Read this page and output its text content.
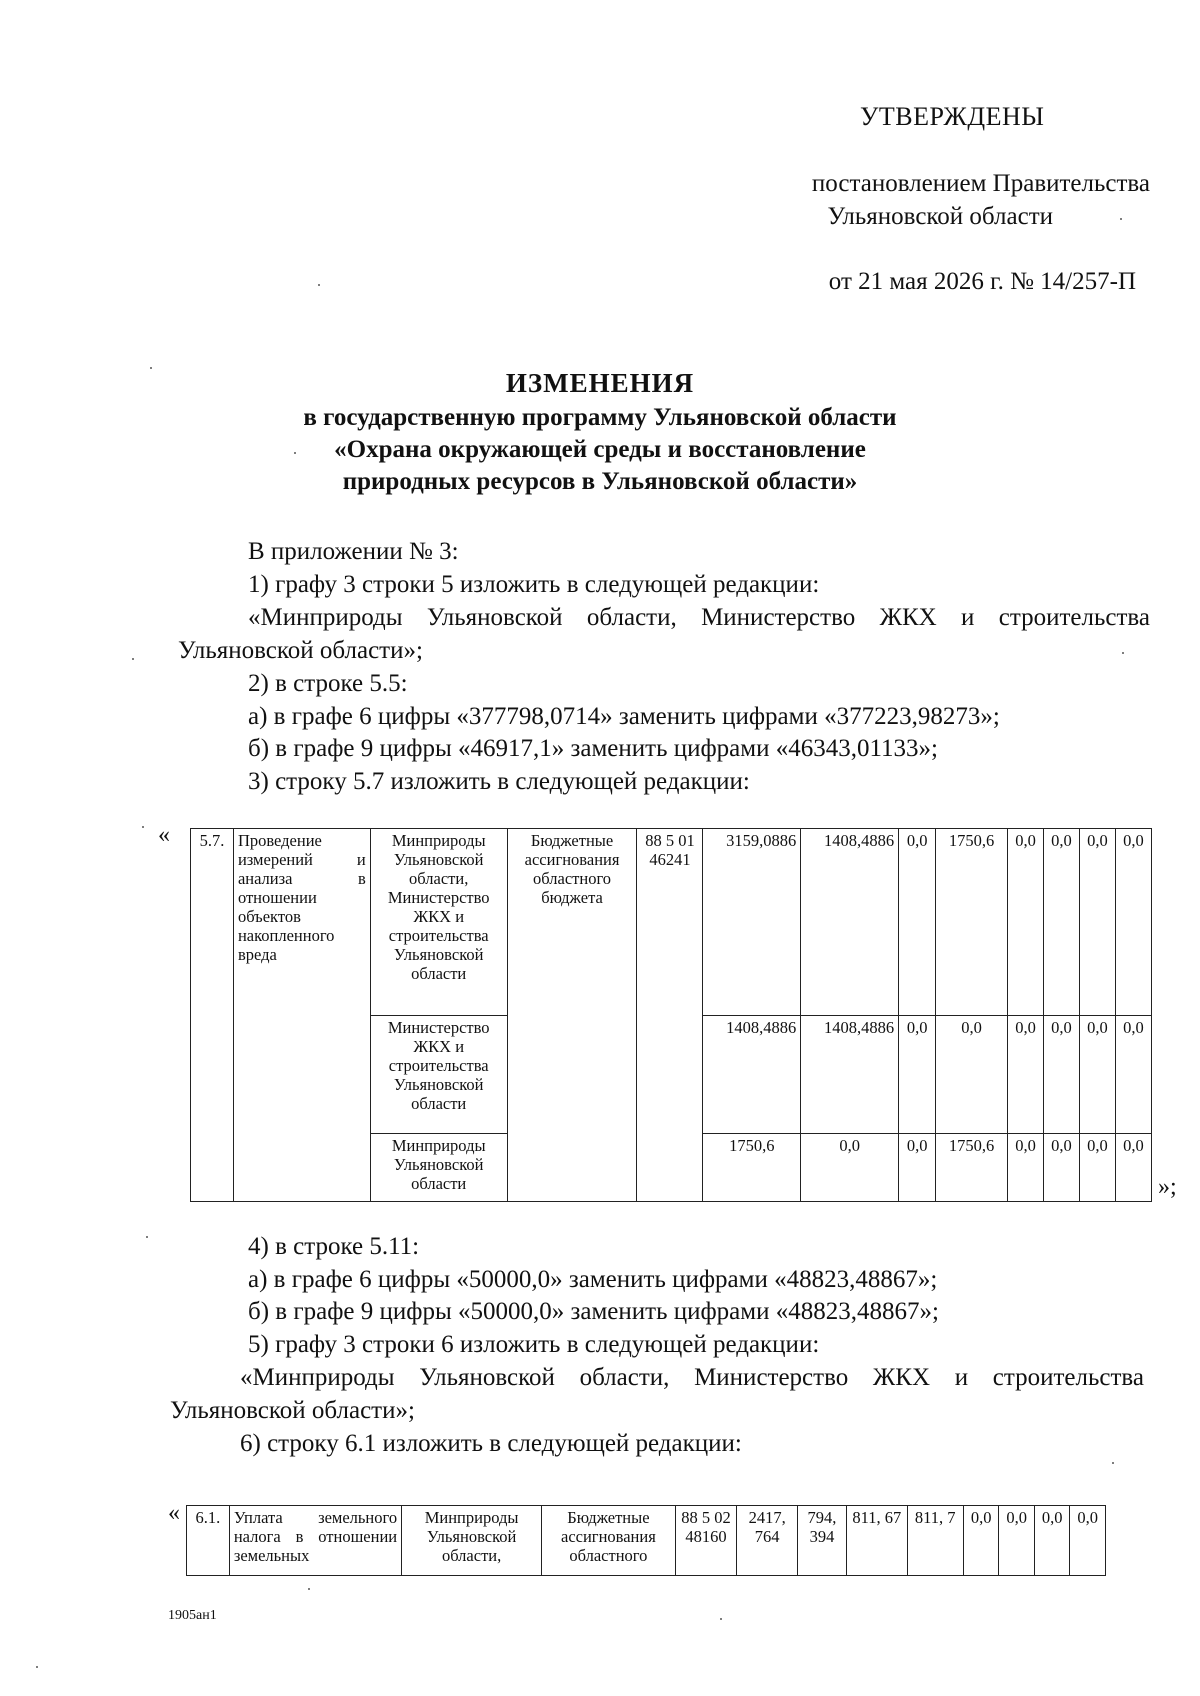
УТВЕРЖДЕНЫ

постановлением Правительства

Ульяновской области

от 21 мая 2026 г. № 14/257-П

ИЗМЕНЕНИЯ

в государственную программу Ульяновской области

«Охрана окружающей среды и восстановление

природных ресурсов в Ульяновской области»

В приложении № 3:

1) графу 3 строки 5 изложить в следующей редакции:

«Минприроды Ульяновской области, Министерство ЖКХ и строительства

Ульяновской области»;

2) в строке 5.5:

а) в графе 6 цифры «377798,0714» заменить цифрами «377223,98273»;

б) в графе 9 цифры «46917,1» заменить цифрами «46343,01133»;

3) строку 5.7 изложить в следующей редакции:

« 5.7.	Проведение измерений и анализа в отношении объектов накопленного вреда	Минприроды Ульяновской области, Министерство ЖКХ и строительства Ульяновской области	Бюджетные ассигнования областного бюджета	88 5 01 46241	3159,0886	1408,4886	0,0	1750,6	0,0	0,0	0,0	0,0
		Министерство ЖКХ и строительства Ульяновской области			1408,4886	1408,4886	0,0	0,0	0,0	0,0	0,0	0,0
		Минприроды Ульяновской области			1750,6	0,0	0,0	1750,6	0,0	0,0	0,0	0,0
»;

4) в строке 5.11:

а) в графе 6 цифры «50000,0» заменить цифрами «48823,48867»;

б) в графе 9 цифры «50000,0» заменить цифрами «48823,48867»;

5) графу 3 строки 6 изложить в следующей редакции:

«Минприроды Ульяновской области, Министерство ЖКХ и строительства

Ульяновской области»;

6) строку 6.1 изложить в следующей редакции:

« 6.1.	Уплата земельного налога в отношении земельных	Минприроды Ульяновской области,	Бюджетные ассигнования областного	88 5 02 48160	2417, 764	794, 394	811, 67	811, 7	0,0	0,0	0,0	0,0

1905ан1
